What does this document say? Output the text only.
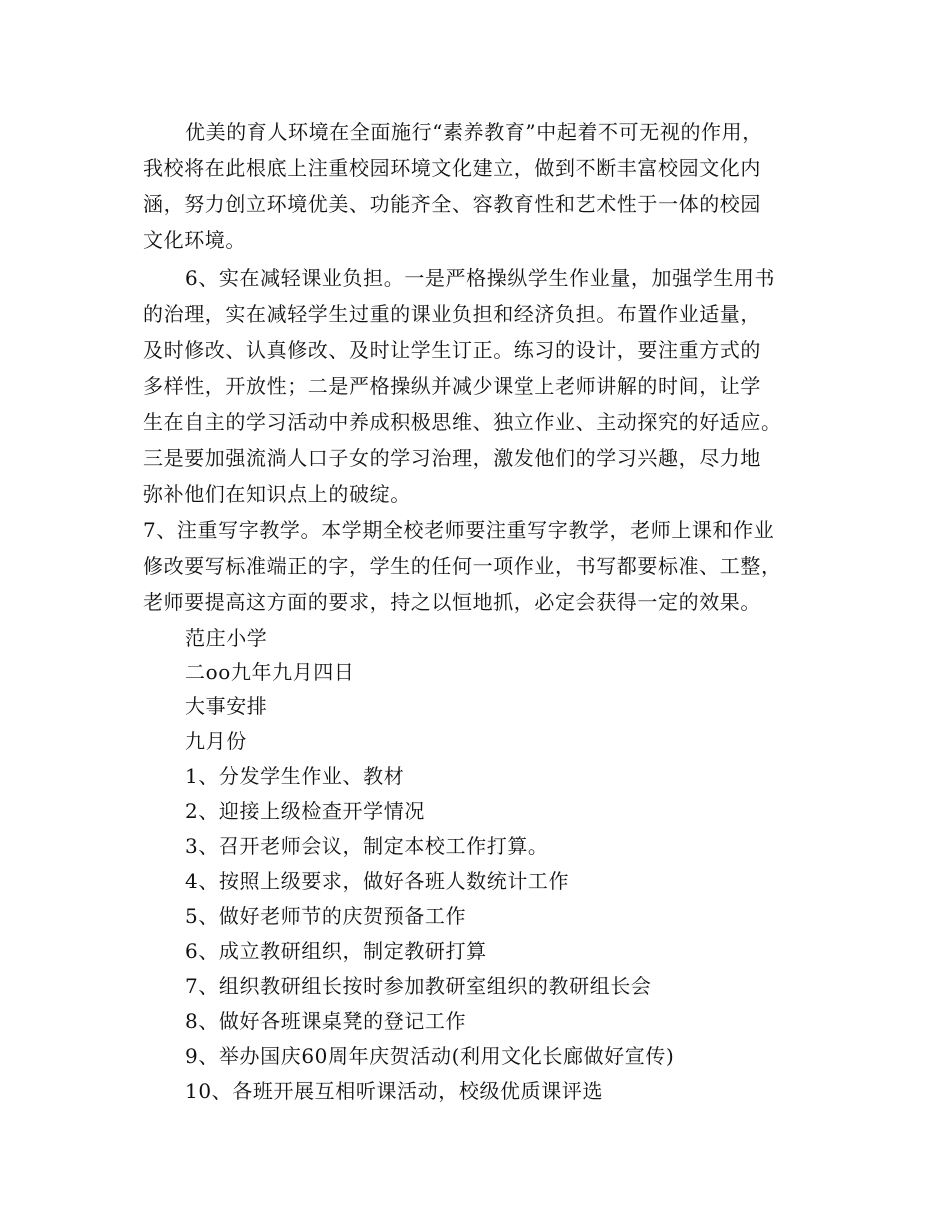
优美的育人环境在全面施行“素养教育”中起着不可无视的作用，
我校将在此根底上注重校园环境文化建立，做到不断丰富校园文化内
涵，努力创立环境优美、功能齐全、容教育性和艺术性于一体的校园
文化环境。
6、实在减轻课业负担。一是严格操纵学生作业量，加强学生用书
的治理，实在减轻学生过重的课业负担和经济负担。布置作业适量，
及时修改、认真修改、及时让学生订正。练习的设计，要注重方式的
多样性，开放性；二是严格操纵并减少课堂上老师讲解的时间，让学
生在自主的学习活动中养成积极思维、独立作业、主动探究的好适应。
三是要加强流淌人口子女的学习治理，激发他们的学习兴趣，尽力地
弥补他们在知识点上的破绽。
7、注重写字教学。本学期全校老师要注重写字教学，老师上课和作业
修改要写标准端正的字，学生的任何一项作业，书写都要标准、工整，
老师要提高这方面的要求，持之以恒地抓，必定会获得一定的效果。
范庄小学
二oo九年九月四日
大事安排
九月份
1、分发学生作业、教材
2、迎接上级检查开学情况
3、召开老师会议，制定本校工作打算。
4、按照上级要求，做好各班人数统计工作
5、做好老师节的庆贺预备工作
6、成立教研组织，制定教研打算
7、组织教研组长按时参加教研室组织的教研组长会
8、做好各班课桌凳的登记工作
9、举办国庆60周年庆贺活动(利用文化长廊做好宣传)
10、各班开展互相听课活动，校级优质课评选
